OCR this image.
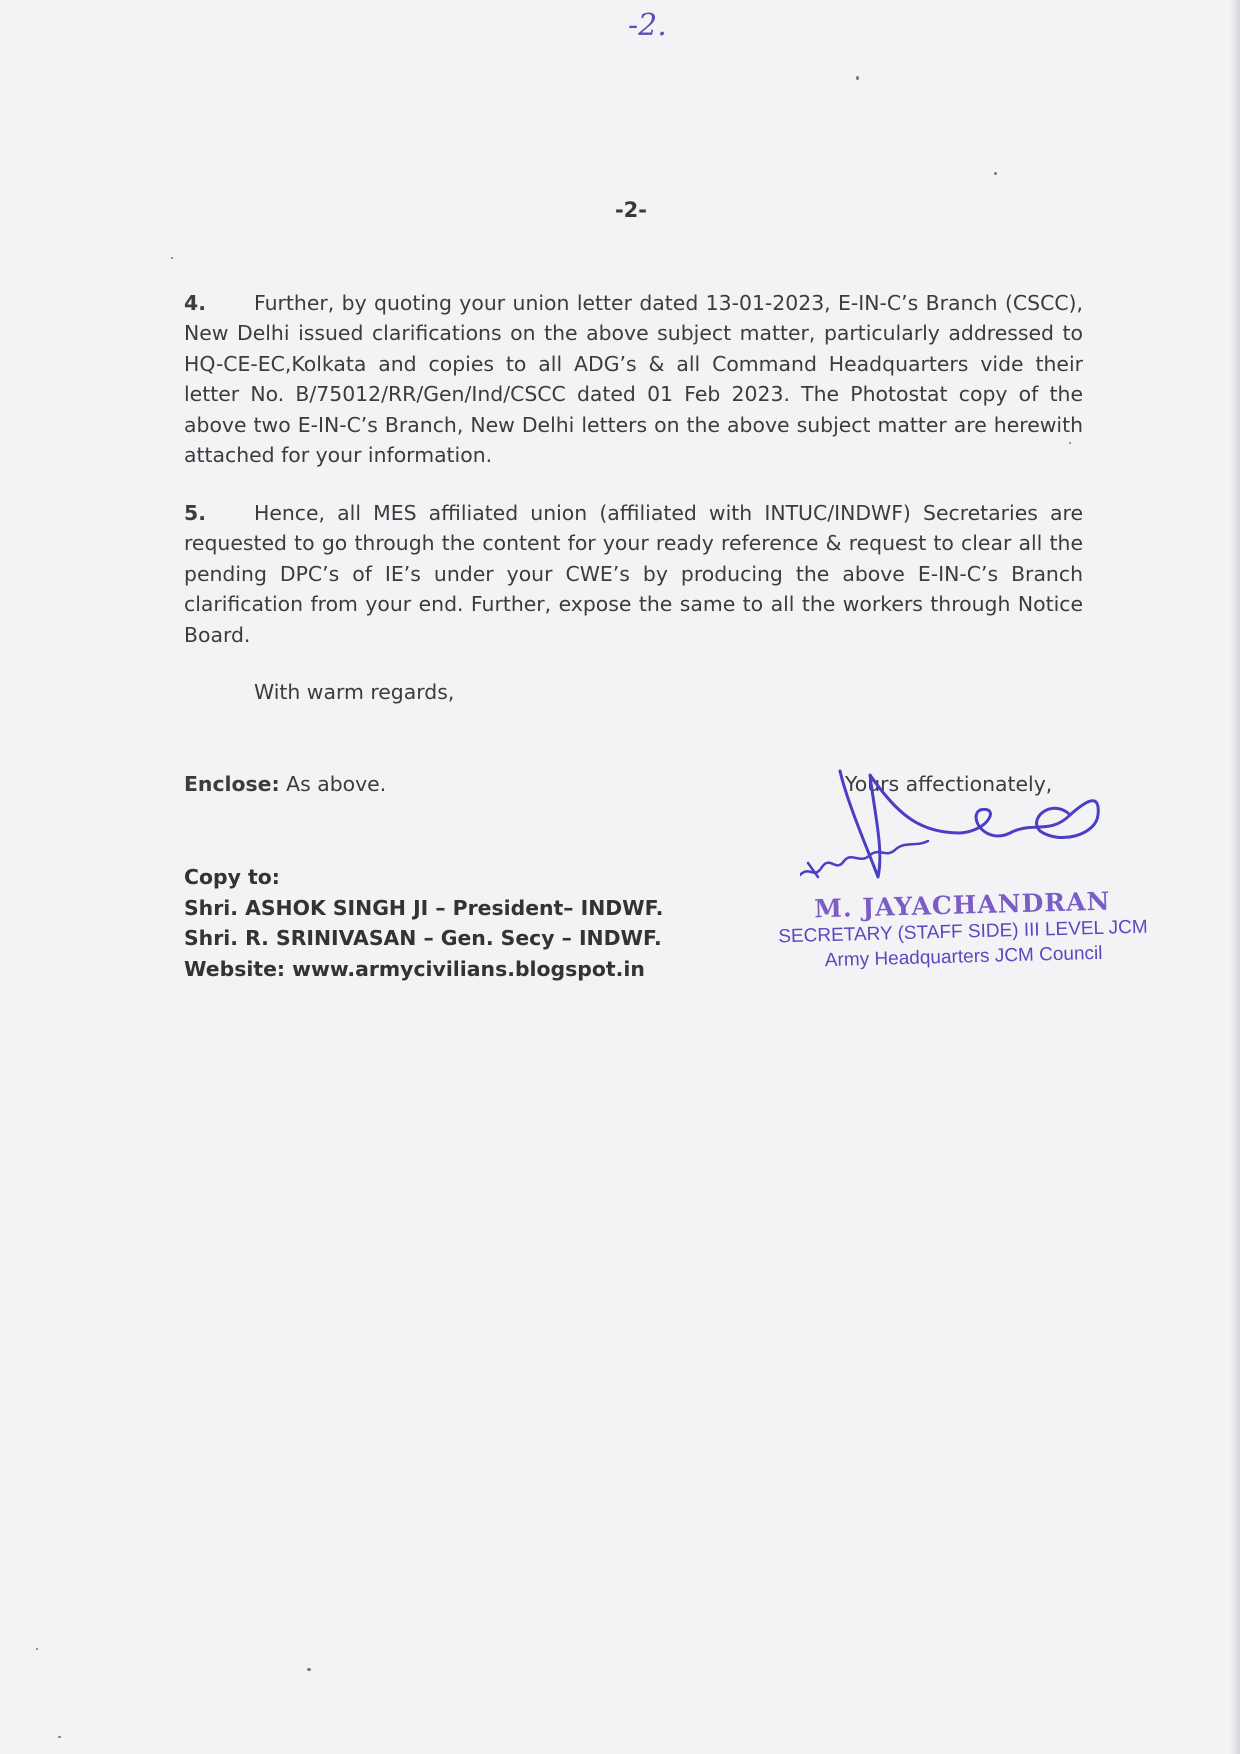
-2.
-2-

4. Further, by quoting your union letter dated 13-01-2023, E-IN-C’s Branch (CSCC), New Delhi issued clarifications on the above subject matter, particularly addressed to HQ-CE-EC,Kolkata and copies to all ADG’s & all Command Headquarters vide their letter No. B/75012/RR/Gen/Ind/CSCC dated 01 Feb 2023. The Photostat copy of the above two E-IN-C’s Branch, New Delhi letters on the above subject matter are herewith attached for your information.

5. Hence, all MES affiliated union (affiliated with INTUC/INDWF) Secretaries are requested to go through the content for your ready reference & request to clear all the pending DPC’s of IE’s under your CWE’s by producing the above E-IN-C’s Branch clarification from your end. Further, expose the same to all the workers through Notice Board.

With warm regards,
Enclose: As above.	Yours affectionately,
Copy to:
Shri. ASHOK SINGH JI – President– INDWF.
Shri. R. SRINIVASAN – Gen. Secy – INDWF.
Website: www.armycivilians.blogspot.in
M. JAYACHANDRAN
SECRETARY (STAFF SIDE) III LEVEL JCM
Army Headquarters JCM Council
